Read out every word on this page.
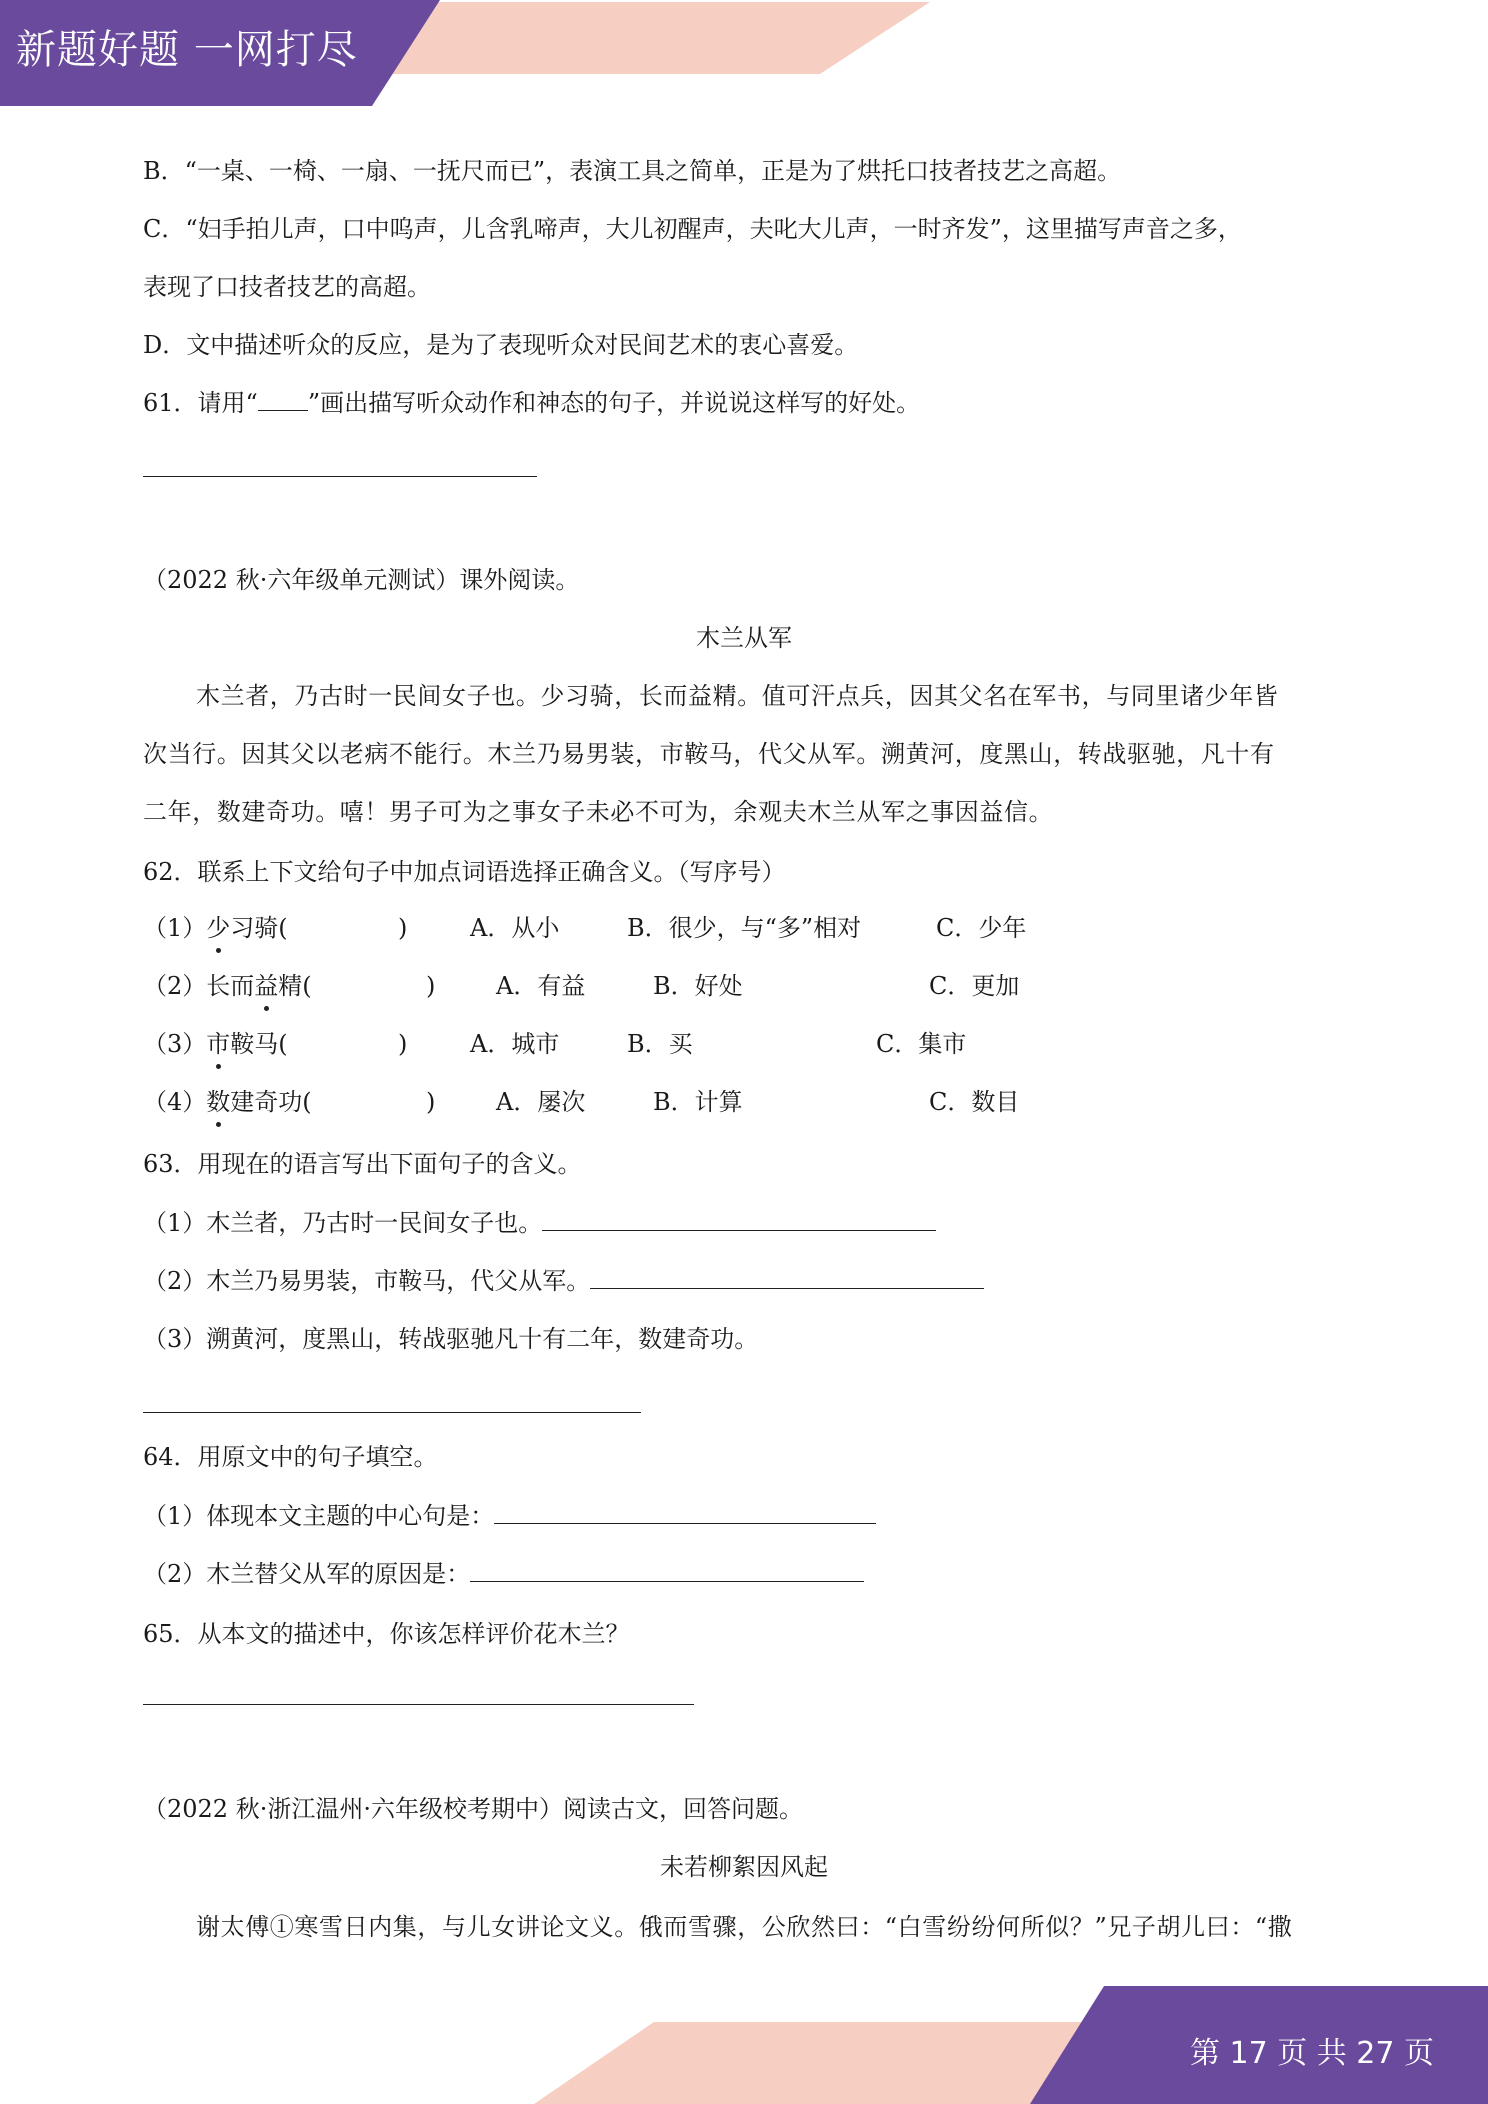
新题好题 一网打尽
B．“一桌、一椅、一扇、一抚尺而已”，表演工具之简单，正是为了烘托口技者技艺之高超。
C．“妇手拍儿声，口中呜声，儿含乳啼声，大儿初醒声，夫叱大儿声，一时齐发”，这里描写声音之多，
表现了口技者技艺的高超。
D．文中描述听众的反应，是为了表现听众对民间艺术的衷心喜爱。
61．请用“ ”画出描写听众动作和神态的句子，并说说这样写的好处。
（2022 秋·六年级单元测试）课外阅读。
木兰从军
木兰者，乃古时一民间女子也。少习骑，长而益精。值可汗点兵，因其父名在军书，与同里诸少年皆
次当行。因其父以老病不能行。木兰乃易男装，市鞍马，代父从军。溯黄河，度黑山，转战驱驰，凡十有
二年，数建奇功。嘻！男子可为之事女子未必不可为，余观夫木兰从军之事因益信。
62．联系上下文给句子中加点词语选择正确含义。（写序号）
（1）少习骑(	)	A．从小	B．很少，与“多”相对	C．少年
（2）长而益精(	)	A．有益	B．好处	C．更加
（3）市鞍马(	)	A．城市	B．买	C．集市
（4）数建奇功(	)	A．屡次	B．计算	C．数目
63．用现在的语言写出下面句子的含义。
（1）木兰者，乃古时一民间女子也。
（2）木兰乃易男装，市鞍马，代父从军。
（3）溯黄河，度黑山，转战驱驰凡十有二年，数建奇功。
64．用原文中的句子填空。
（1）体现本文主题的中心句是：
（2）木兰替父从军的原因是：
65．从本文的描述中，你该怎样评价花木兰？
（2022 秋·浙江温州·六年级校考期中）阅读古文，回答问题。
未若柳絮因风起
谢太傅①寒雪日内集，与儿女讲论文义。俄而雪骤，公欣然曰：“白雪纷纷何所似？”兄子胡儿曰：“撒
第 17 页 共 27 页
